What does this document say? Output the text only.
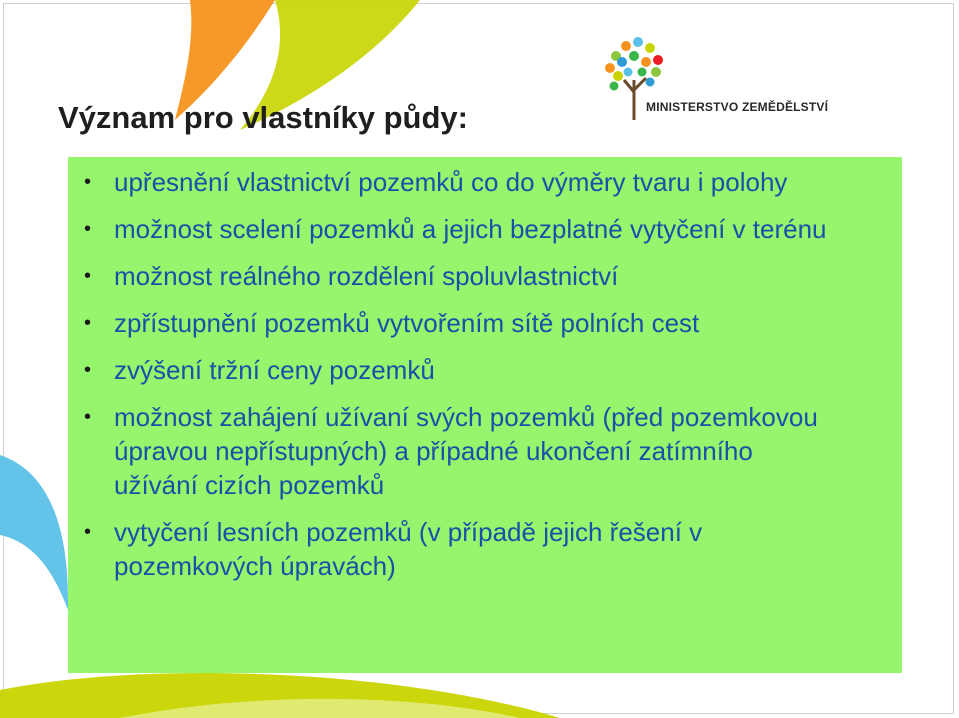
Význam pro vlastníky půdy:	MINISTERSTVO ZEMĚDĚLSTVÍ

• upřesnění vlastnictví pozemků co do výměry tvaru i polohy
• možnost scelení pozemků a jejich bezplatné vytyčení v terénu
• možnost reálného rozdělení spoluvlastnictví
• zpřístupnění pozemků vytvořením sítě polních cest
• zvýšení tržní ceny pozemků
• možnost zahájení užívaní svých pozemků (před pozemkovou úpravou nepřístupných) a případné ukončení zatímního užívání cizích pozemků
• vytyčení lesních pozemků (v případě jejich řešení v pozemkových úpravách)
